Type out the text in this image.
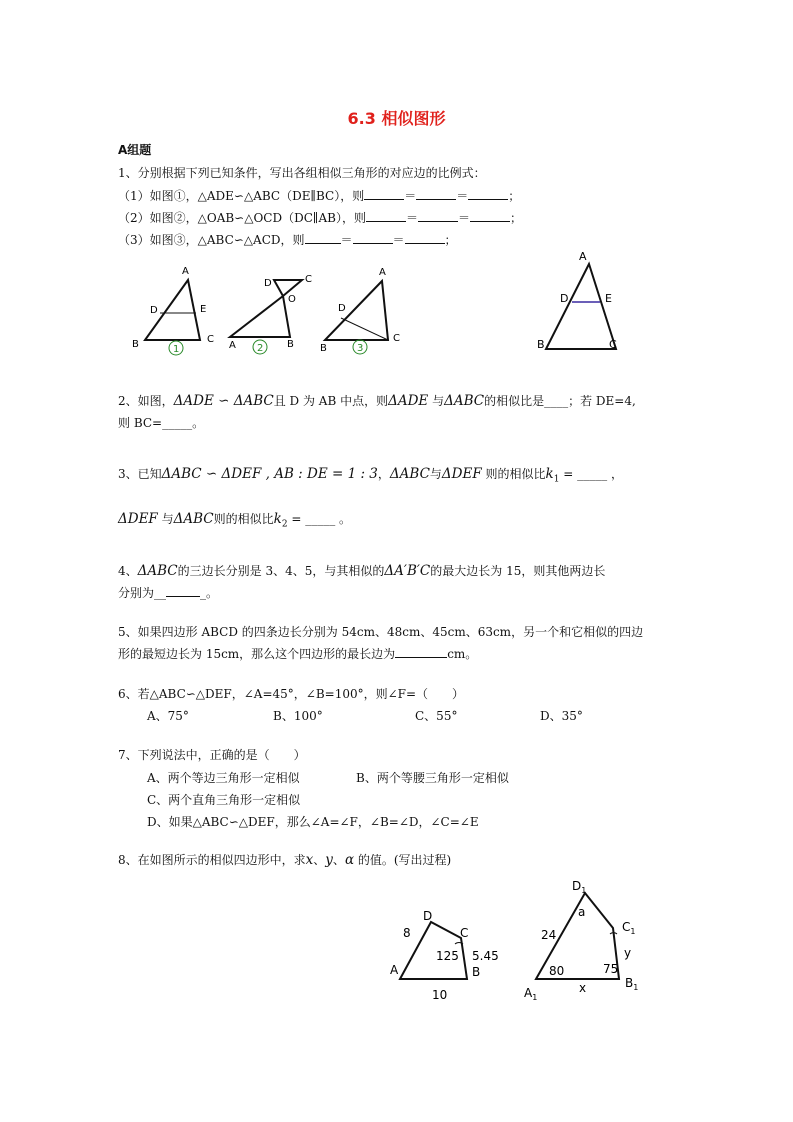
6.3 相似图形
A组题
1、分别根据下列已知条件，写出各组相似三角形的对应边的比例式：
（1）如图①，△ADE∽△ABC（DE∥BC），则	＝	＝	；
（2）如图②，△OAB∽△OCD（DC∥AB），则	＝	＝	；
（3）如图③，△ABC∽△ACD，则	＝	＝	；
A
D	E
B	C
1
D	C
O
A	B
2
A
D
B
C
3
A
D	E
B	C
D
C
8
125 5.45
A	B
10
$D_1$
a
$C_1$
24
y
80	75
$B_1$
x
$A_1$
2、如图，ΔADE ∽ ΔABC且 D 为 AB 中点，则ΔADE 与ΔABC的相似比是____；若 DE=4,
则 BC=_____。
3、已知ΔABC ∽ ΔDEF , AB : DE = 1 : 3，ΔABC与ΔDEF 则的相似比$k_1$ = _____ ，
ΔDEF 与ΔABC则的相似比$k_2$ = _____ 。
4、ΔABC的三边长分别是 3、4、5，与其相似的ΔA′B′C的最大边长为 15，则其他两边长
分别为__	_。
5、如果四边形 ABCD 的四条边长分别为 54cm、48cm、45cm、63cm，另一个和它相似的四边
形的最短边长为 15cm，那么这个四边形的最长边为	cm。
6、若△ABC∽△DEF，∠A=45°，∠B=100°，则∠F=（　　）
A、75°	B、100°	C、55°	D、35°
7、下列说法中，正确的是（　　）
A、两个等边三角形一定相似	B、两个等腰三角形一定相似
C、两个直角三角形一定相似
D、如果△ABC∽△DEF，那么∠A=∠F，∠B=∠D，∠C=∠E
8、在如图所示的相似四边形中，求x、y、α 的值。(写出过程)
